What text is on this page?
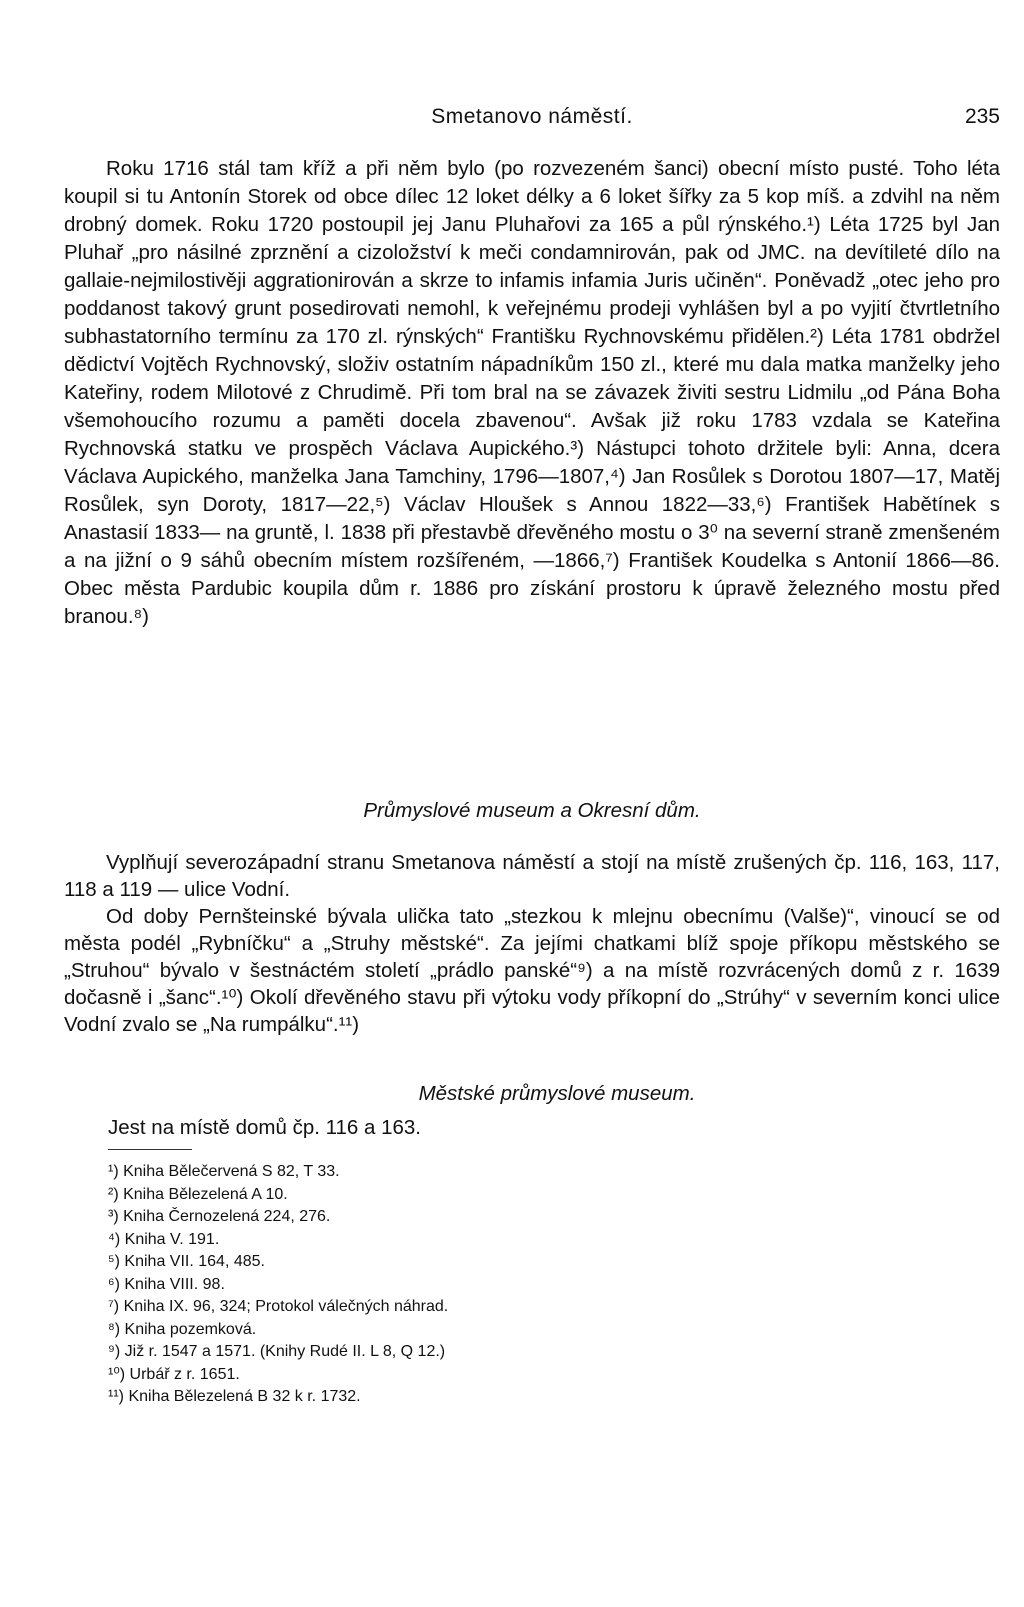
Smetanovo náměstí.	235

Roku 1716 stál tam kříž a při něm bylo (po rozvezeném šanci) obecní místo pusté. Toho léta koupil si tu Antonín Storek od obce dílec 12 loket délky a 6 loket šířky za 5 kop míš. a zdvihl na něm drobný domek. Roku 1720 postoupil jej Janu Pluhařovi za 165 a půl rýnského.¹) Léta 1725 byl Jan Pluhař „pro násilné zprznění a cizoložství k meči condamnirován, pak od JMC. na devítileté dílo na gallaie-nejmilostivěji aggrationirován a skrze to infamis infamia Juris učiněn“. Poněvadž „otec jeho pro poddanost takový grunt posedirovati nemohl, k veřejnému prodeji vyhlášen byl a po vyjití čtvrtletního subhastatorního termínu za 170 zl. rýnských“ Františku Rychnovskému přidělen.²) Léta 1781 obdržel dědictví Vojtěch Rychnovský, složiv ostatním nápadníkům 150 zl., které mu dala matka manželky jeho Kateřiny, rodem Milotové z Chrudimě. Při tom bral na se závazek živiti sestru Lidmilu „od Pána Boha všemohoucího rozumu a paměti docela zbavenou“. Avšak již roku 1783 vzdala se Kateřina Rychnovská statku ve prospěch Václava Aupického.³) Nástupci tohoto držitele byli: Anna, dcera Václava Aupického, manželka Jana Tamchiny, 1796—1807,⁴) Jan Rosůlek s Dorotou 1807—17, Matěj Rosůlek, syn Doroty, 1817—22,⁵) Václav Hloušek s Annou 1822—33,⁶) František Habětínek s Anastasií 1833— na gruntě, l. 1838 při přestavbě dřevěného mostu o 3⁰ na severní straně zmenšeném a na jižní o 9 sáhů obecním místem rozšířeném, —1866,⁷) František Koudelka s Antonií 1866—86. Obec města Pardubic koupila dům r. 1886 pro získání prostoru k úpravě železného mostu před branou.⁸)

Průmyslové museum a Okresní dům.

Vyplňují severozápadní stranu Smetanova náměstí a stojí na místě zrušených čp. 116, 163, 117, 118 a 119 — ulice Vodní.

Od doby Pernšteinské bývala ulička tato „stezkou k mlejnu obecnímu (Valše)“, vinoucí se od města podél „Rybníčku“ a „Struhy městské“. Za jejími chatkami blíž spoje příkopu městského se „Struhou“ bývalo v šestnáctém století „prádlo panské“⁹) a na místě rozvrácených domů z r. 1639 dočasně i „šanc“.¹⁰) Okolí dřevěného stavu při výtoku vody příkopní do „Strúhy“ v severním konci ulice Vodní zvalo se „Na rumpálku“.¹¹)

Městské průmyslové museum.

Jest na místě domů čp. 116 a 163.

¹) Kniha Bělečervená S 82, T 33.
²) Kniha Bělezelená A 10.
³) Kniha Černozelená 224, 276.
⁴) Kniha V. 191.
⁵) Kniha VII. 164, 485.
⁶) Kniha VIII. 98.
⁷) Kniha IX. 96, 324; Protokol válečných náhrad.
⁸) Kniha pozemková.
⁹) Již r. 1547 a 1571. (Knihy Rudé II. L 8, Q 12.)
¹⁰) Urbář z r. 1651.
¹¹) Kniha Bělezelená B 32 k r. 1732.
